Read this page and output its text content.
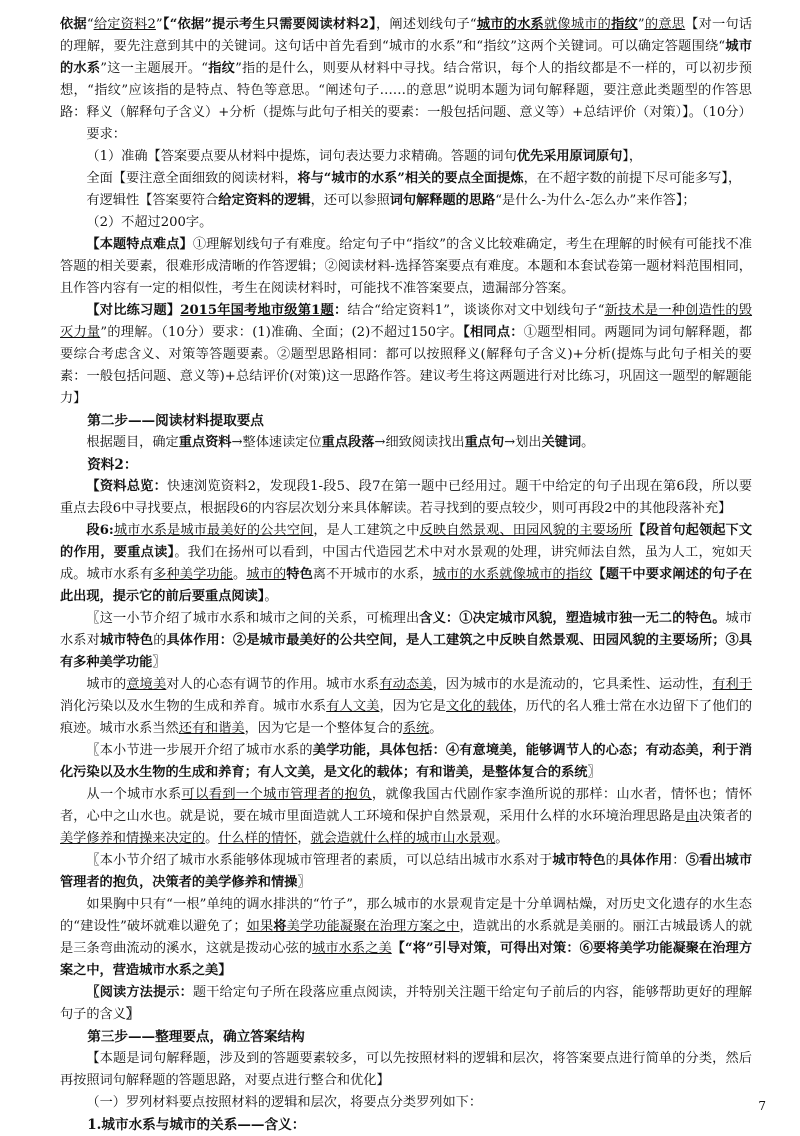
依据“给定资料2”【“依据”提示考生只需要阅读材料2】，阐述划线句子“城市的水系就像城市的指纹”的意思【对一句话的理解，要先注意到其中的关键词。这句话中首先看到“城市的水系”和“指纹”这两个关键词。可以确定答题围绕“城市的水系”这一主题展开。“指纹”指的是什么，则要从材料中寻找。结合常识，每个人的指纹都是不一样的，可以初步预想，“指纹”应该指的是特点、特色等意思。“阐述句子……的意思”说明本题为词句解释题，要注意此类题型的作答思路：释义（解释句子含义）+分析（提炼与此句子相关的要素：一般包括问题、意义等）+总结评价（对策）】。（10分）

要求：

（1）准确【答案要点要从材料中提炼，词句表达要力求精确。答题的词句优先采用原词原句】，

全面【要注意全面细致的阅读材料，将与“城市的水系”相关的要点全面提炼，在不超字数的前提下尽可能多写】，

有逻辑性【答案要符合给定资料的逻辑，还可以参照词句解释题的思路“是什么-为什么-怎么办”来作答】；

（2）不超过200字。

【本题特点难点】①理解划线句子有难度。给定句子中“指纹”的含义比较难确定，考生在理解的时候有可能找不准答题的相关要素，很难形成清晰的作答逻辑；②阅读材料-选择答案要点有难度。本题和本套试卷第一题材料范围相同，且作答内容有一定的相似性，考生在阅读材料时，可能找不准答案要点，遗漏部分答案。

【对比练习题】2015年国考地市级第1题：结合“给定资料1”，谈谈你对文中划线句子“新技术是一种创造性的毁灭力量”的理解。（10分）要求：(1)准确、全面；(2)不超过150字。【相同点：①题型相同。两题同为词句解释题，都要综合考虑含义、对策等答题要素。②题型思路相同：都可以按照释义(解释句子含义)+分析(提炼与此句子相关的要素：一般包括问题、意义等)+总结评价(对策)这一思路作答。建议考生将这两题进行对比练习，巩固这一题型的解题能力】

第二步——阅读材料提取要点

根据题目，确定重点资料→整体速读定位重点段落→细致阅读找出重点句→划出关键词。

资料2：

【资料总览：快速浏览资料2，发现段1-段5、段7在第一题中已经用过。题干中给定的句子出现在第6段，所以要重点去段6中寻找要点，根据段6的内容层次划分来具体解读。若寻找到的要点较少，则可再段2中的其他段落补充】

段6:城市水系是城市最美好的公共空间，是人工建筑之中反映自然景观、田园风貌的主要场所【段首句起领起下文的作用，要重点读】。我们在扬州可以看到，中国古代造园艺术中对水景观的处理，讲究师法自然，虽为人工，宛如天成。城市水系有多种美学功能。城市的特色离不开城市的水系，城市的水系就像城市的指纹【题干中要求阐述的句子在此出现，提示它的前后要重点阅读】。

〖这一小节介绍了城市水系和城市之间的关系，可梳理出含义：①决定城市风貌，塑造城市独一无二的特色。城市水系对城市特色的具体作用：②是城市最美好的公共空间，是人工建筑之中反映自然景观、田园风貌的主要场所；③具有多种美学功能〗

城市的意境美对人的心态有调节的作用。城市水系有动态美，因为城市的水是流动的，它具柔性、运动性，有利于消化污染以及水生物的生成和养育。城市水系有人文美，因为它是文化的载体，历代的名人雅士常在水边留下了他们的痕迹。城市水系当然还有和谐美，因为它是一个整体复合的系统。

〖本小节进一步展开介绍了城市水系的美学功能，具体包括：④有意境美，能够调节人的心态；有动态美，利于消化污染以及水生物的生成和养育；有人文美，是文化的载体；有和谐美，是整体复合的系统〗

从一个城市水系可以看到一个城市管理者的抱负，就像我国古代剧作家李渔所说的那样：山水者，情怀也；情怀者，心中之山水也。就是说，要在城市里面造就人工环境和保护自然景观，采用什么样的水环境治理思路是由决策者的美学修养和情操来决定的。什么样的情怀，就会造就什么样的城市山水景观。

〖本小节介绍了城市水系能够体现城市管理者的素质，可以总结出城市水系对于城市特色的具体作用：⑤看出城市管理者的抱负，决策者的美学修养和情操〗

如果胸中只有“一根”单纯的调水排洪的“竹子”，那么城市的水景观肯定是十分单调枯燥，对历史文化遗存的水生态的“建设性”破坏就难以避免了；如果将美学功能凝聚在治理方案之中，造就出的水系就是美丽的。丽江古城最诱人的就是三条弯曲流动的溪水，这就是拨动心弦的城市水系之美【“将”引导对策，可得出对策：⑥要将美学功能凝聚在治理方案之中，营造城市水系之美】

〖阅读方法提示：题干给定句子所在段落应重点阅读，并特别关注题干给定句子前后的内容，能够帮助更好的理解句子的含义〗

第三步——整理要点，确立答案结构

【本题是词句解释题，涉及到的答题要素较多，可以先按照材料的逻辑和层次，将答案要点进行简单的分类，然后再按照词句解释题的答题思路，对要点进行整合和优化】

（一）罗列材料要点按照材料的逻辑和层次，将要点分类罗列如下：

1.城市水系与城市的关系——含义：
7
